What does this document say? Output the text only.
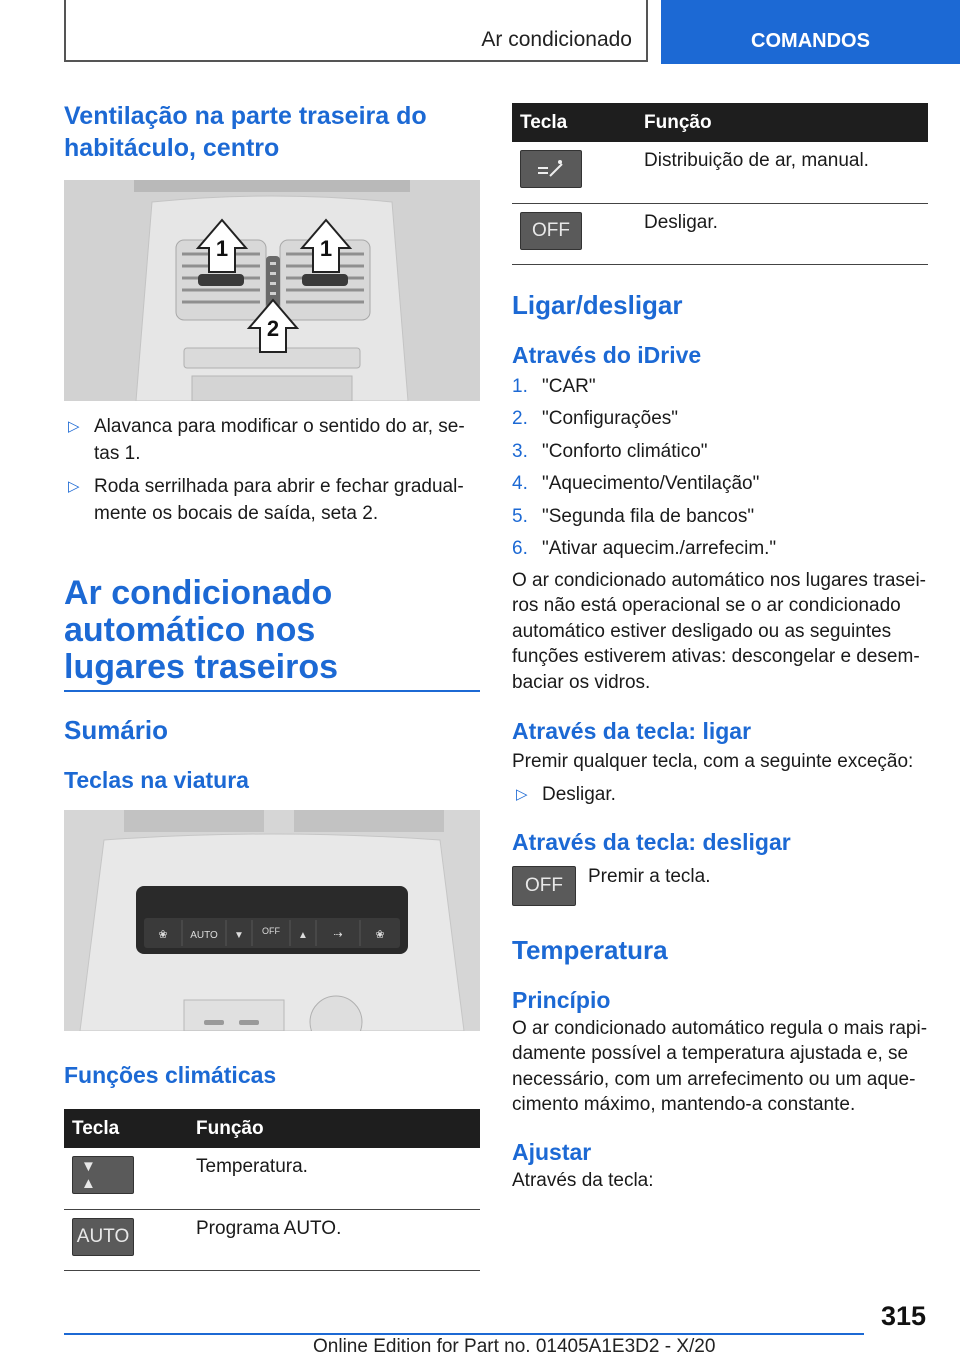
Ar condicionado	COMANDOS
Ventilação na parte traseira do habitáculo, centro
1	1
2
▷ Alavanca para modificar o sentido do ar, se-tas 1.
▷ Roda serrilhada para abrir e fechar gradual-mente os bocais de saída, seta 2.
Ar condicionado automático nos lugares traseiros
Sumário
Teclas na viatura
❀ AUTO ▼ OFF ▲ ⇢	❀
Funções climáticas
Tecla	Função

▼ ▲	Temperatura.

AUTO	Programa AUTO.
Tecla	Função

	Distribuição de ar, manual.

OFF	Desligar.
Ligar/desligar
Através do iDrive
1. "CAR"
2. "Configurações"
3. "Conforto climático"
4. "Aquecimento/Ventilação"
5. "Segunda fila de bancos"
6. "Ativar aquecim./arrefecim."

O ar condicionado automático nos lugares trasei-ros não está operacional se o ar condicionado automático estiver desligado ou as seguintes funções estiverem ativas: descongelar e desem-baciar os vidros.

Através da tecla: ligar

Premir qualquer tecla, com a seguinte exceção:

▷ Desligar.
Através da tecla: desligar
OFF	Premir a tecla.
Temperatura
Princípio

O ar condicionado automático regula o mais rapi-damente possível a temperatura ajustada e, se necessário, com um arrefecimento ou um aque-cimento máximo, mantendo-a constante.

Ajustar

Através da tecla:

315
Online Edition for Part no. 01405A1E3D2 - X/20
